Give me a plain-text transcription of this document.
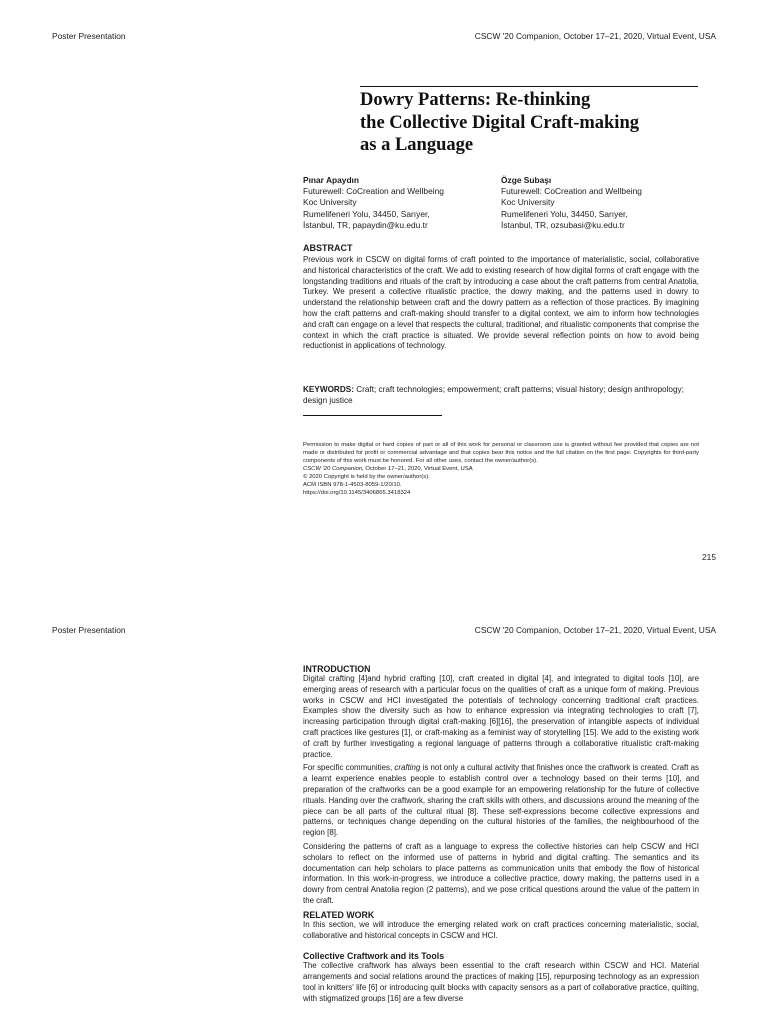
Poster Presentation	CSCW '20 Companion, October 17–21, 2020, Virtual Event, USA
Dowry Patterns: Re-thinking
the Collective Digital Craft-making
as a Language
Pınar Apaydın
Futurewell: CoCreation and Wellbeing
Koc University
Rumelifeneri Yolu, 34450, Sarıyer,
İstanbul, TR, papaydin@ku.edu.tr
Özge Subaşı
Futurewell: CoCreation and Wellbeing
Koc University
Rumelifeneri Yolu, 34450, Sarıyer,
İstanbul, TR, ozsubasi@ku.edu.tr
ABSTRACT
Previous work in CSCW on digital forms of craft pointed to the importance of materialistic, social, collaborative and historical characteristics of the craft. We add to existing research of how digital forms of craft engage with the longstanding traditions and rituals of the craft by introducing a case about the craft patterns from central Anatolia, Turkey. We present a collective ritualistic practice, the dowry making, and the patterns used in dowry to understand the relationship between craft and the dowry pattern as a reflection of those practices. By imagining how the craft patterns and craft-making should transfer to a digital context, we aim to inform how technologies and craft can engage on a level that respects the cultural, traditional, and ritualistic components that comprise the context in which the craft practice is situated. We provide several reflection points on how to avoid being reductionist in applications of technology.
KEYWORDS: Craft; craft technologies; empowerment; craft patterns; visual history; design anthropology; design justice
Permission to make digital or hard copies of part or all of this work for personal or classroom use is granted without fee provided that copies are not made or distributed for profit or commercial advantage and that copies bear this notice and the full citation on the first page. Copyrights for third-party components of this work must be honored. For all other uses, contact the owner/author(s).
CSCW '20 Companion, October 17–21, 2020, Virtual Event, USA
© 2020 Copyright is held by the owner/author(s).
ACM ISBN 978-1-4503-8059-1/20/10.
https://doi.org/10.1145/3406865.3418324
215
Poster Presentation	CSCW '20 Companion, October 17–21, 2020, Virtual Event, USA
INTRODUCTION

Digital crafting [4]and hybrid crafting [10], craft created in digital [4], and integrated to digital tools [10], are emerging areas of research with a particular focus on the qualities of craft as a unique form of making. Previous works in CSCW and HCI investigated the potentials of technology concerning traditional craft practices. Examples show the diversity such as how to enhance expression via integrating technologies to craft [7], increasing participation through digital craft-making [6][16], the preservation of intangible aspects of individual craft practices like gestures [1], or craft-making as a feminist way of storytelling [15]. We add to the existing work of craft by further investigating a regional language of patterns through a collaborative ritualistic craft-making practice.

For specific communities, crafting is not only a cultural activity that finishes once the craftwork is created. Craft as a learnt experience enables people to establish control over a technology based on their terms [10], and preparation of the craftworks can be a good example for an empowering relationship for the future of collective rituals. Handing over the craftwork, sharing the craft skills with others, and discussions around the meaning of the piece can be all parts of the cultural ritual [8]. These self-expressions become collective expressions and patterns, or techniques change depending on the cultural histories of the families, the neighbourhood of the region [8].

Considering the patterns of craft as a language to express the collective histories can help CSCW and HCI scholars to reflect on the informed use of patterns in hybrid and digital crafting. The semantics and its documentation can help scholars to place patterns as communication units that embody the flow of historical information. In this work-in-progress, we introduce a collective practice, dowry making, the patterns used in a dowry from central Anatolia region (2 patterns), and we pose critical questions around the value of the pattern in the craft.

RELATED WORK

In this section, we will introduce the emerging related work on craft practices concerning materialistic, social, collaborative and historical concepts in CSCW and HCI.

Collective Craftwork and its Tools

The collective craftwork has always been essential to the craft research within CSCW and HCI. Material arrangements and social relations around the practices of making [15], repurposing technology as an expression tool in knitters' life [6] or introducing quilt blocks with capacity sensors as a part of collaborative practice, quilting, with stigmatized groups [16] are a few diverse
